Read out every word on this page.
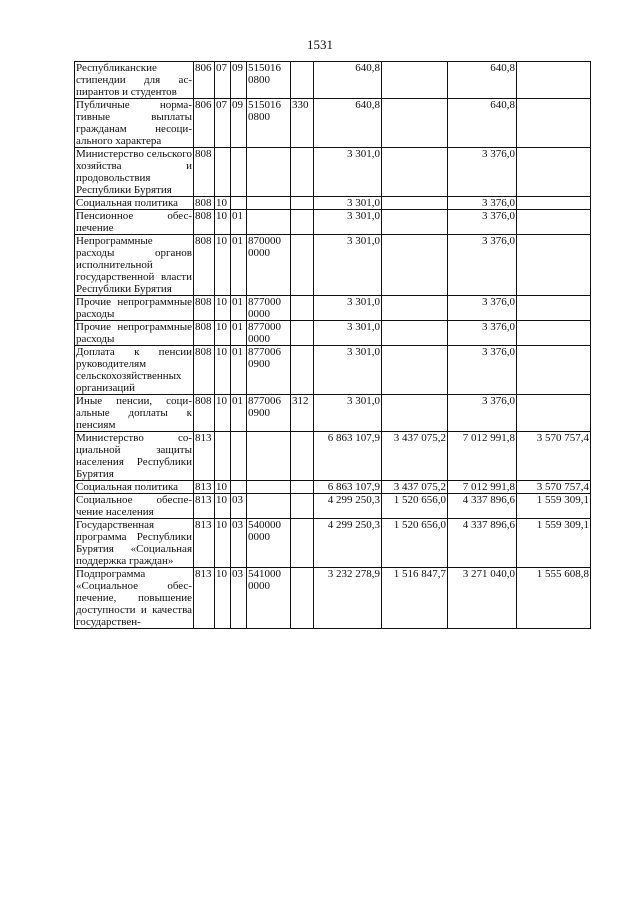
1531
Республиканские стипендии для аспирантов и студентов	806	07	09	515016 0800		640,8		640,8	
Публичные нормативные выплаты гражданам несоциального характера	806	07	09	515016 0800	330	640,8		640,8	
Министерство сельского хозяйства и продовольствия Республики Бурятия	808					3 301,0		3 376,0	
Социальная политика	808	10				3 301,0		3 376,0	
Пенсионное обеспечение	808	10	01			3 301,0		3 376,0	
Непрограммные расходы органов исполнительной государственной власти Республики Бурятия	808	10	01	870000 0000		3 301,0		3 376,0	
Прочие непрограммные расходы	808	10	01	877000 0000		3 301,0		3 376,0	
Прочие непрограммные расходы	808	10	01	877000 0000		3 301,0		3 376,0	
Доплата к пенсии руководителям сельскохозяйственных организаций	808	10	01	877006 0900		3 301,0		3 376,0	
Иные пенсии, социальные доплаты к пенсиям	808	10	01	877006 0900	312	3 301,0		3 376,0	
Министерство социальной защиты населения Республики Бурятия	813					6 863 107,9	3 437 075,2	7 012 991,8	3 570 757,4
Социальная политика	813	10				6 863 107,9	3 437 075,2	7 012 991,8	3 570 757,4
Социальное обеспечение населения	813	10	03			4 299 250,3	1 520 656,0	4 337 896,6	1 559 309,1
Государственная программа Республики Бурятия «Социальная поддержка граждан»	813	10	03	540000 0000		4 299 250,3	1 520 656,0	4 337 896,6	1 559 309,1
Подпрограмма «Социальное обеспечение, повышение доступности и качества государствен-	813	10	03	541000 0000		3 232 278,9	1 516 847,7	3 271 040,0	1 555 608,8
